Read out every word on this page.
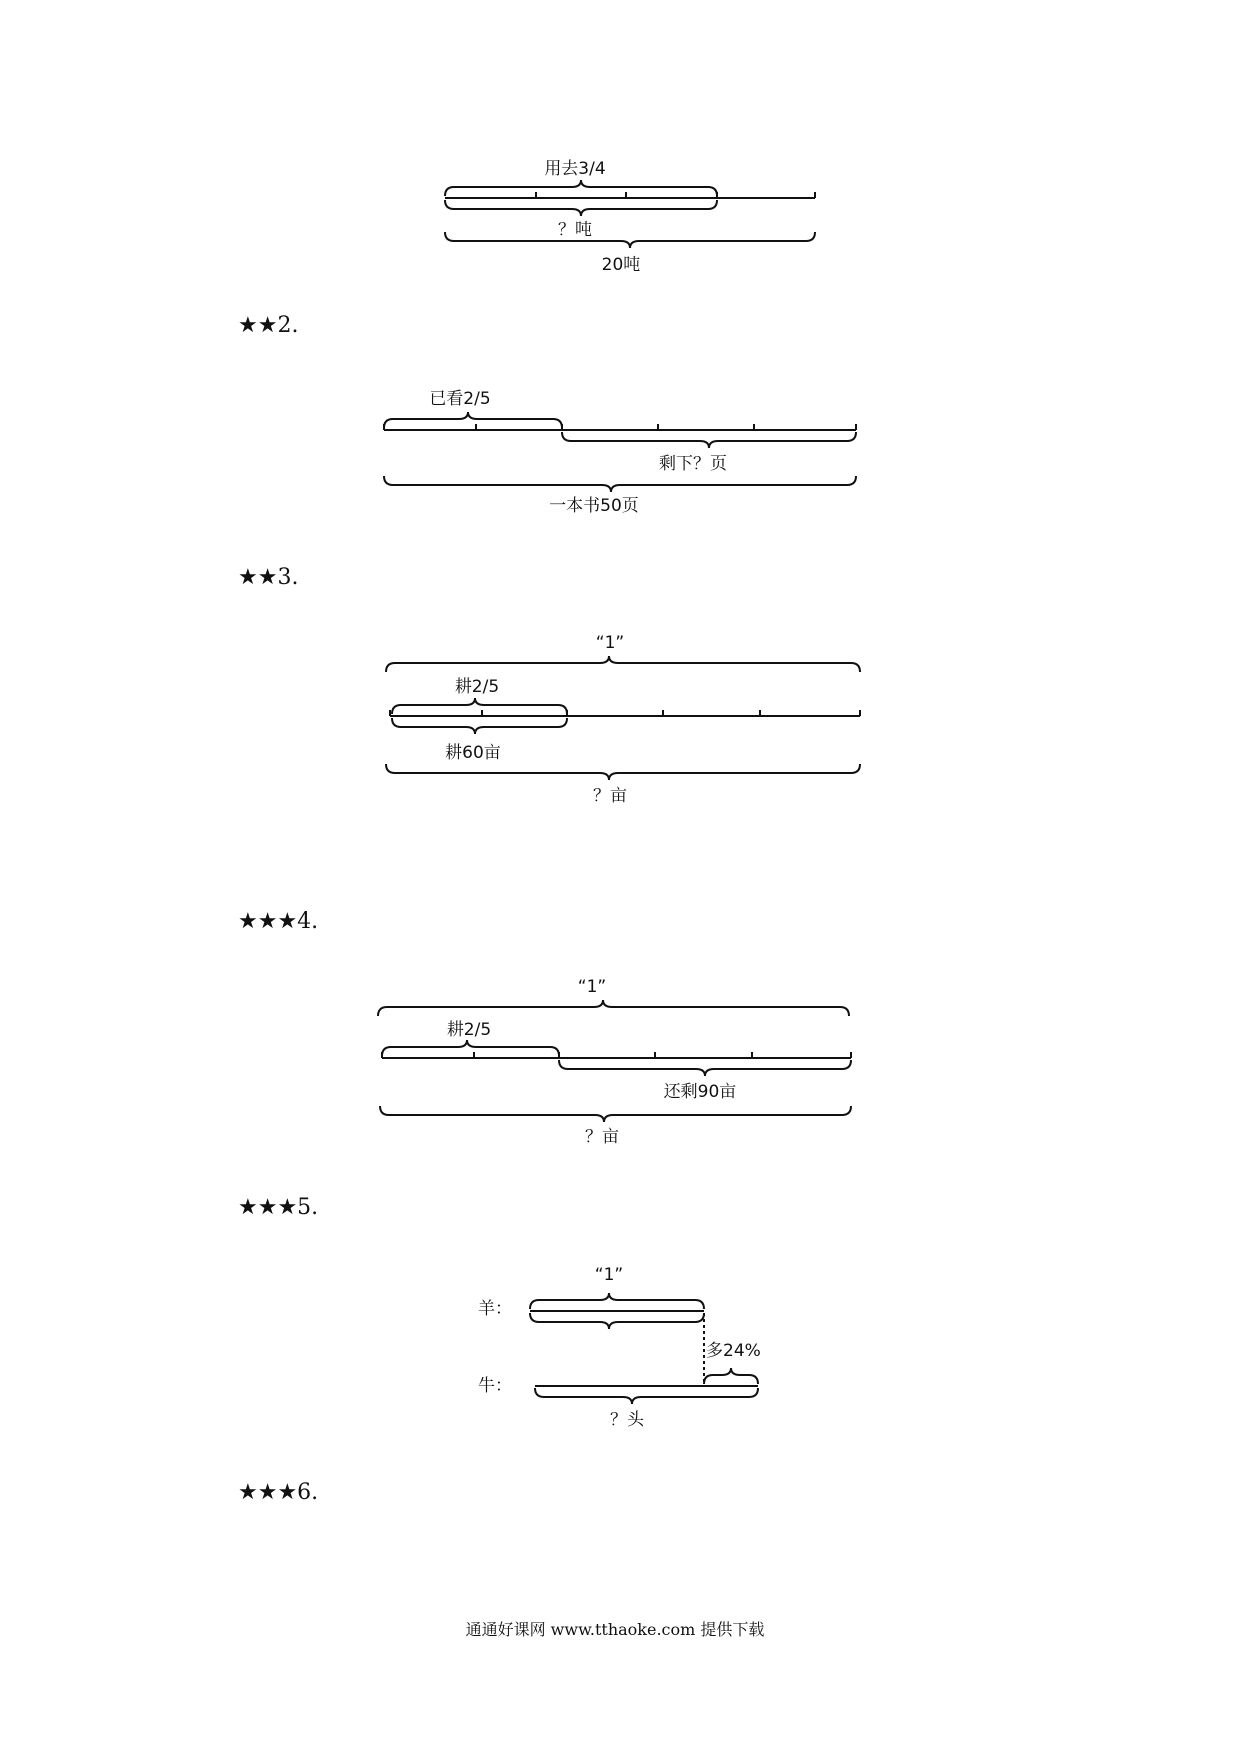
用去3/4
？吨
20吨
★★2.
已看2/5
剩下？页
一本书50页
★★3.
“1”
耕2/5
耕60亩
？亩
★★★4.
“1”
耕2/5
还剩90亩
？亩
★★★5.
“1”
羊：
多24%
牛：
？头
★★★6.
通通好课网 www.tthaoke.com 提供下载
